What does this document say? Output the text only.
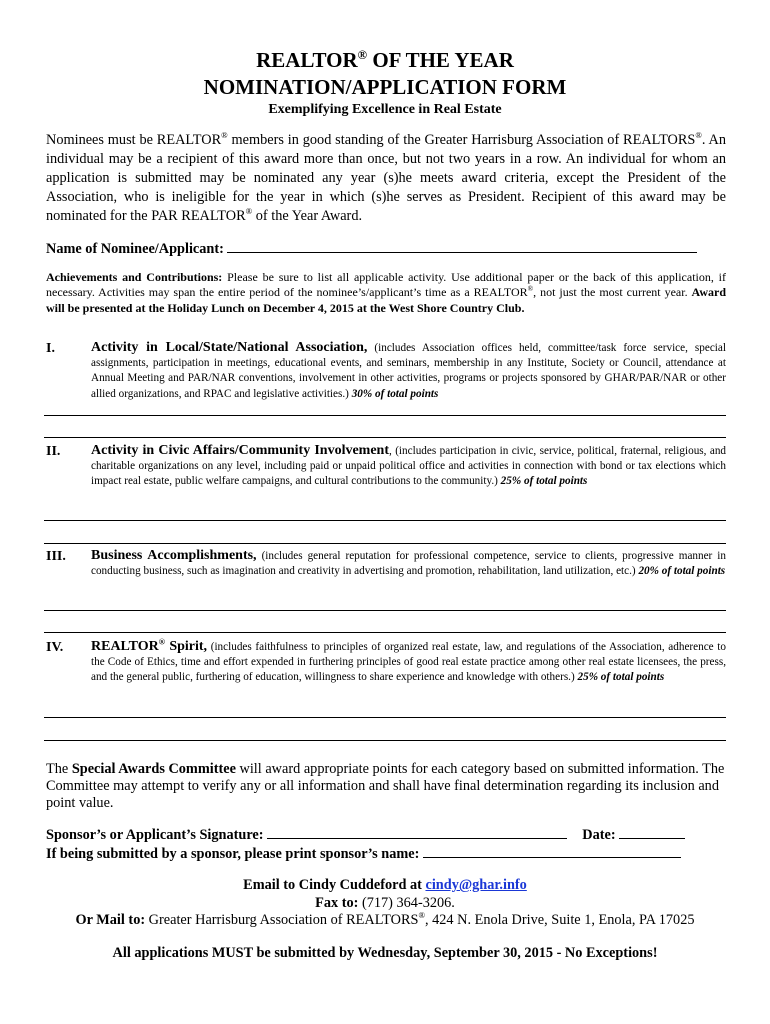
REALTOR® OF THE YEAR
NOMINATION/APPLICATION FORM
Exemplifying Excellence in Real Estate
Nominees must be REALTOR® members in good standing of the Greater Harrisburg Association of REALTORS®. An individual may be a recipient of this award more than once, but not two years in a row. An individual for whom an application is submitted may be nominated any year (s)he meets award criteria, except the President of the Association, who is ineligible for the year in which (s)he serves as President. Recipient of this award may be nominated for the PAR REALTOR® of the Year Award.
Name of Nominee/Applicant:
Achievements and Contributions: Please be sure to list all applicable activity. Use additional paper or the back of this application, if necessary. Activities may span the entire period of the nominee’s/applicant’s time as a REALTOR®, not just the most current year. Award will be presented at the Holiday Lunch on December 4, 2015 at the West Shore Country Club.
I.	Activity in Local/State/National Association, (includes Association offices held, committee/task force service, special assignments, participation in meetings, educational events, and seminars, membership in any Institute, Society or Council, attendance at Annual Meeting and PAR/NAR conventions, involvement in other activities, programs or projects sponsored by GHAR/PAR/NAR or other allied organizations, and RPAC and legislative activities.) 30% of total points
II. Activity in Civic Affairs/Community Involvement, (includes participation in civic, service, political, fraternal, religious, and charitable organizations on any level, including paid or unpaid political office and activities in connection with bond or tax elections which impact real estate, public welfare campaigns, and cultural contributions to the community.) 25% of total points
III. Business Accomplishments, (includes general reputation for professional competence, service to clients, progressive manner in conducting business, such as imagination and creativity in advertising and promotion, rehabilitation, land utilization, etc.) 20% of total points
IV. REALTOR® Spirit, (includes faithfulness to principles of organized real estate, law, and regulations of the Association, adherence to the Code of Ethics, time and effort expended in furthering principles of good real estate practice among other real estate licensees, the press, and the general public, furthering of education, willingness to share experience and knowledge with others.) 25% of total points
The Special Awards Committee will award appropriate points for each category based on submitted information. The Committee may attempt to verify any or all information and shall have final determination regarding its inclusion and point value.
Sponsor’s or Applicant’s Signature:	Date:
If being submitted by a sponsor, please print sponsor’s name:
Email to Cindy Cuddeford at cindy@ghar.info
Fax to: (717) 364-3206.
Or Mail to: Greater Harrisburg Association of REALTORS®, 424 N. Enola Drive, Suite 1, Enola, PA 17025
All applications MUST be submitted by Wednesday, September 30, 2015 - No Exceptions!
